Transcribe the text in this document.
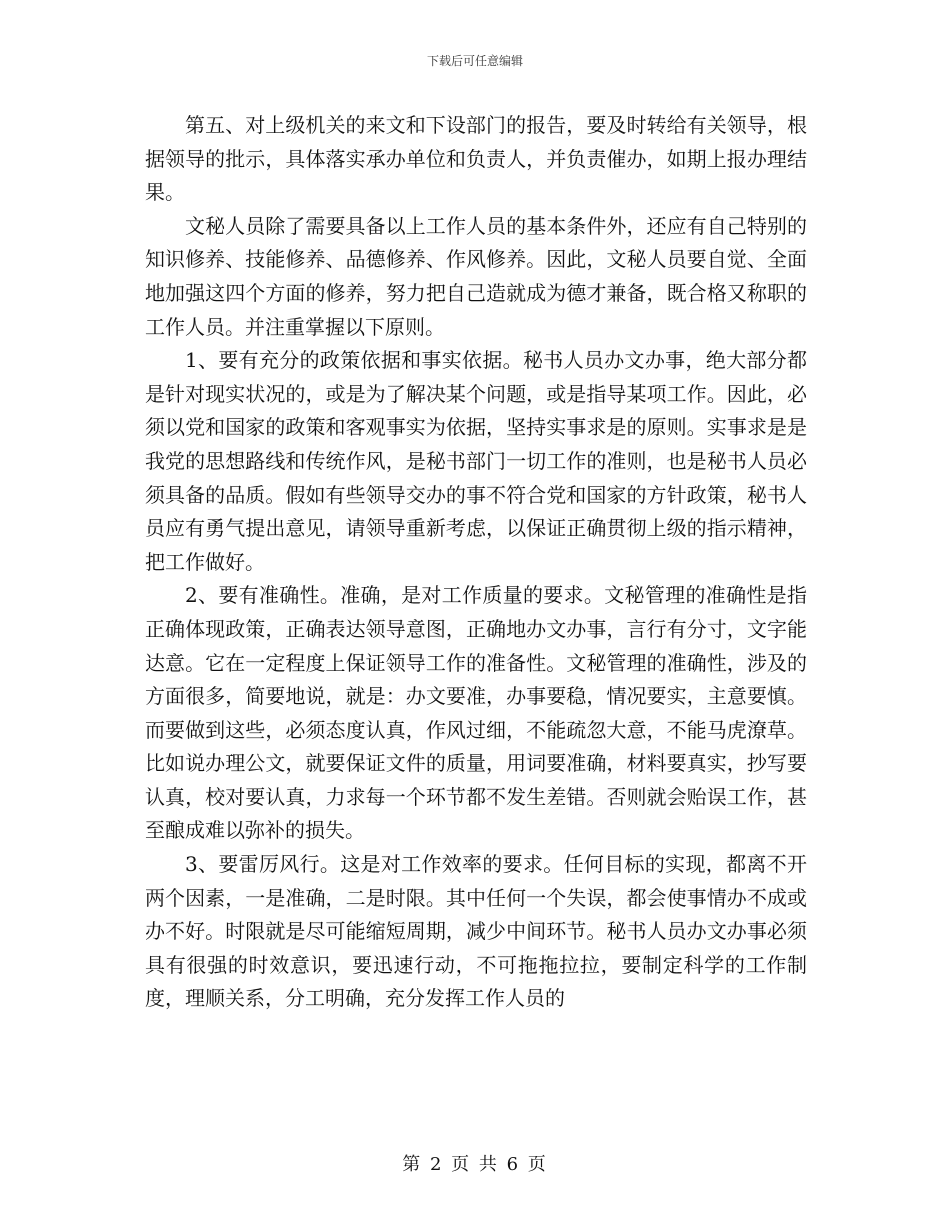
下载后可任意编辑

第五、对上级机关的来文和下设部门的报告，要及时转给有关领导，根据领导的批示，具体落实承办单位和负责人，并负责催办，如期上报办理结果。

文秘人员除了需要具备以上工作人员的基本条件外，还应有自己特别的知识修养、技能修养、品德修养、作风修养。因此，文秘人员要自觉、全面地加强这四个方面的修养，努力把自己造就成为德才兼备，既合格又称职的工作人员。并注重掌握以下原则。

1、要有充分的政策依据和事实依据。秘书人员办文办事，绝大部分都是针对现实状况的，或是为了解决某个问题，或是指导某项工作。因此，必须以党和国家的政策和客观事实为依据，坚持实事求是的原则。实事求是是我党的思想路线和传统作风，是秘书部门一切工作的准则，也是秘书人员必须具备的品质。假如有些领导交办的事不符合党和国家的方针政策，秘书人员应有勇气提出意见，请领导重新考虑，以保证正确贯彻上级的指示精神，把工作做好。

2、要有准确性。准确，是对工作质量的要求。文秘管理的准确性是指正确体现政策，正确表达领导意图，正确地办文办事，言行有分寸，文字能达意。它在一定程度上保证领导工作的准备性。文秘管理的准确性，涉及的方面很多，简要地说，就是：办文要准，办事要稳，情况要实，主意要慎。而要做到这些，必须态度认真，作风过细，不能疏忽大意，不能马虎潦草。比如说办理公文，就要保证文件的质量，用词要准确，材料要真实，抄写要认真，校对要认真，力求每一个环节都不发生差错。否则就会贻误工作，甚至酿成难以弥补的损失。

3、要雷厉风行。这是对工作效率的要求。任何目标的实现，都离不开两个因素，一是准确，二是时限。其中任何一个失误，都会使事情办不成或办不好。时限就是尽可能缩短周期，减少中间环节。秘书人员办文办事必须具有很强的时效意识，要迅速行动，不可拖拖拉拉，要制定科学的工作制度，理顺关系，分工明确，充分发挥工作人员的

第 2 页 共 6 页
